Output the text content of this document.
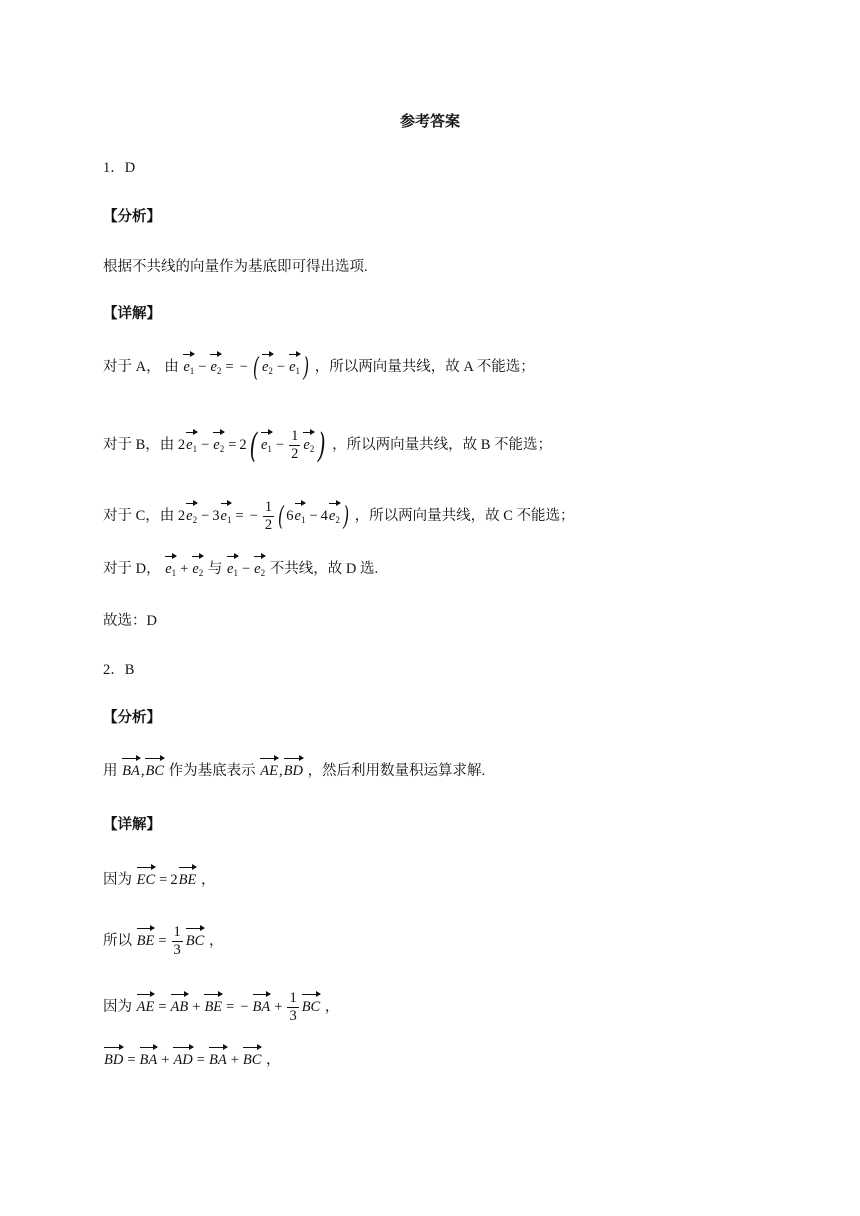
参考答案
1．D
【分析】
根据不共线的向量作为基底即可得出选项.
【详解】
对于 A， 由 $e_1 - e_2$ = − ( $e_2 - e_1$ ) ，所以两向量共线，故 A 不能选；
对于 B，由 $2e_1 - e_2 = 2$( $e_1 - \frac{1}{2} e_2$ ) ，所以两向量共线，故 B 不能选；
对于 C，由 $2e_2 - 3e_1$ = − $\frac{1}{2}$ ( $6e_1 - 4e_2$ ) ，所以两向量共线，故 C 不能选；
对于 D， $e_1 + e_2$ 与 $e_1 - e_2$ 不共线，故 D 选.
故选：D
2．B
【分析】
用 BA,BC 作为基底表示 AE,BD ，然后利用数量积运算求解.
【详解】
因为 EC = 2BE ，
所以 BE = $\frac{1}{3}$ BC ，
因为 AE = AB + BE = − BA + $\frac{1}{3}$ BC ，
BD = BA + AD = BA + BC ，
